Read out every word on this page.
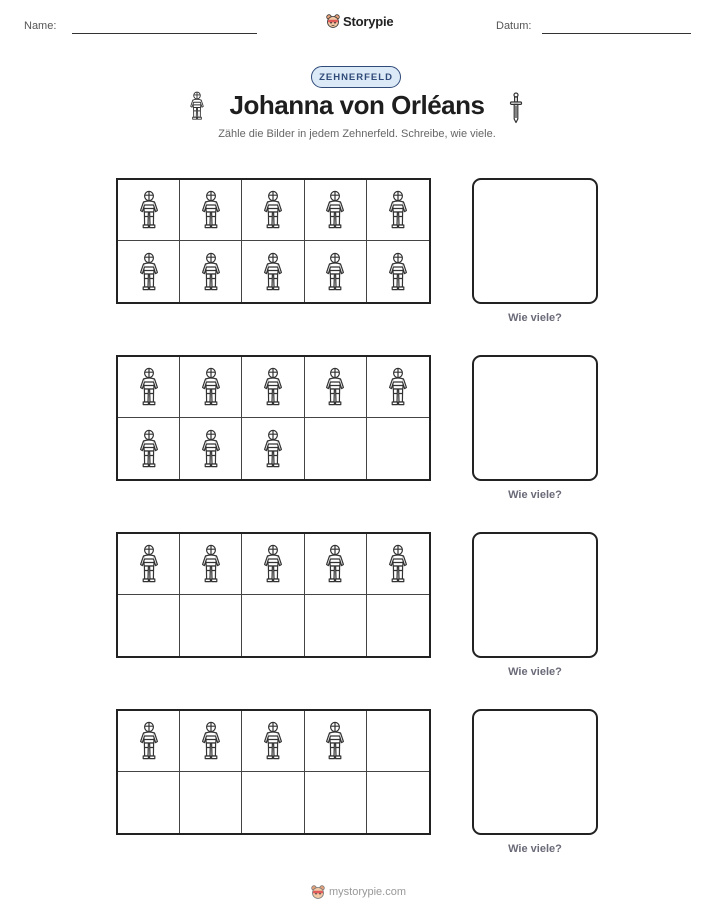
Name:	Storypie	Datum:
ZEHNERFELD
Johanna von Orléans
Zähle die Bilder in jedem Zehnerfeld. Schreibe, wie viele.
Wie viele?
Wie viele?
Wie viele?
Wie viele?
mystorypie.com
